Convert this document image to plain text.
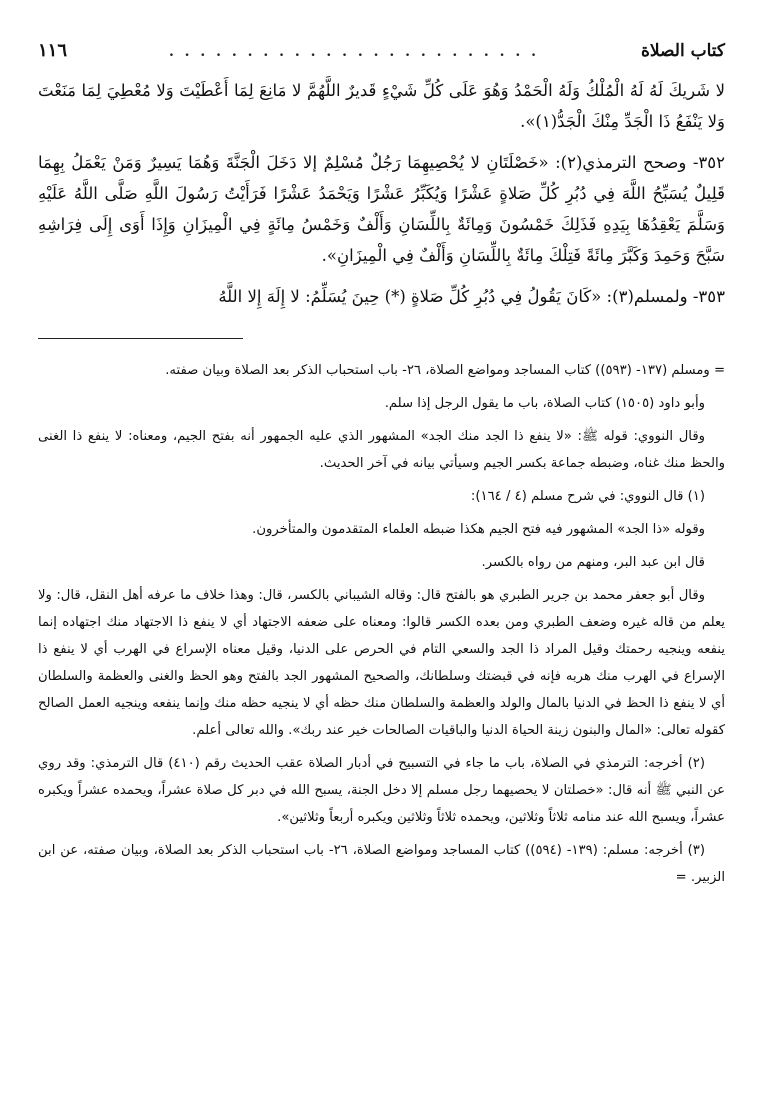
كتاب الصلاة
. . . . . . . . . . . . . . . . . . . . . . . .
١١٦

لا شَريكَ لَهُ لَهُ الْمُلْكُ وَلَهُ الْحَمْدُ وَهُوَ عَلَى كُلِّ شَيْءٍ قَديرٌ اللَّهُمَّ لا مَانِعَ لِمَا أَعْطَيْتَ وَلا مُعْطِيَ لِمَا مَنَعْتَ وَلا يَنْفَعُ ذَا الْجَدِّ مِنْكَ الْجَدُّ(١)».

٣٥٢- وصحح الترمذي(٢): «خَصْلَتَانِ لا يُحْصِيهِمَا رَجُلٌ مُسْلِمٌ إلا دَخَلَ الْجَنَّةَ وَهُمَا يَسِيرٌ وَمَنْ يَعْمَلُ بِهِمَا قَلِيلٌ يُسَبِّحُ اللَّهَ فِي دُبُرِ كُلِّ صَلاةٍ عَشْرًا وَيُكَبِّرُ عَشْرًا وَيَحْمَدُ عَشْرًا فَرَأَيْتُ رَسُولَ اللَّهِ صَلَّى اللَّهُ عَلَيْهِ وَسَلَّمَ يَعْقِدُهَا بِيَدِهِ فَذَلِكَ خَمْسُونَ وَمِائَةٌ بِاللِّسَانِ وَأَلْفٌ وَخَمْسُ مِائَةٍ فِي الْمِيزَانِ وَإِذَا أَوَى إِلَى فِرَاشِهِ سَبَّحَ وَحَمِدَ وَكَبَّرَ مِائَةً فَتِلْكَ مِائَةٌ بِاللِّسَانِ وَأَلْفٌ فِي الْمِيزَانِ».

٣٥٣- ولمسلم(٣): «كَانَ يَقُولُ فِي دُبُرِ كُلِّ صَلاةٍ (*) حِينَ يُسَلِّمُ: لا إِلَهَ إِلا اللَّهُ

= ومسلم (١٣٧- (٥٩٣)) كتاب المساجد ومواضع الصلاة، ٢٦- باب استحباب الذكر بعد الصلاة وبيان صفته.

وأبو داود (١٥٠٥) كتاب الصلاة، باب ما يقول الرجل إذا سلم.

وقال النووي: قوله ﷺ: «لا ينفع ذا الجد منك الجد» المشهور الذي عليه الجمهور أنه بفتح الجيم، ومعناه: لا ينفع ذا الغنى والحظ منك غناه، وضبطه جماعة بكسر الجيم وسيأتي بيانه في آخر الحديث.

(١) قال النووي: في شرح مسلم (٤ / ١٦٤):

وقوله «ذا الجد» المشهور فيه فتح الجيم هكذا ضبطه العلماء المتقدمون والمتأخرون.

قال ابن عبد البر، ومنهم من رواه بالكسر.

وقال أبو جعفر محمد بن جرير الطبري هو بالفتح قال: وقاله الشيباني بالكسر، قال: وهذا خلاف ما عرفه أهل النقل، قال: ولا يعلم من قاله غيره وضعف الطبري ومن بعده الكسر قالوا: ومعناه على ضعفه الاجتهاد أي لا ينفع ذا الاجتهاد منك اجتهاده إنما ينفعه وينجيه رحمتك وقيل المراد ذا الجد والسعي التام في الحرص على الدنيا، وقيل معناه الإسراع في الهرب أي لا ينفع ذا الإسراع في الهرب منك هربه فإنه في قبضتك وسلطانك، والصحيح المشهور الجد بالفتح وهو الحظ والغنى والعظمة والسلطان أي لا ينفع ذا الحظ في الدنيا بالمال والولد والعظمة والسلطان منك حظه أي لا ينجيه حظه منك وإنما ينفعه وينجيه العمل الصالح كقوله تعالى: «المال والبنون زينة الحياة الدنيا والباقيات الصالحات خير عند ربك». والله تعالى أعلم.

(٢) أخرجه: الترمذي في الصلاة، باب ما جاء في التسبيح في أدبار الصلاة عقب الحديث رقم (٤١٠) قال الترمذي: وقد روي عن النبي ﷺ أنه قال: «خصلتان لا يحصيهما رجل مسلم إلا دخل الجنة، يسبح الله في دبر كل صلاة عشراً، ويحمده عشراً ويكبره عشراً، ويسبح الله عند منامه ثلاثاً وثلاثين، ويحمده ثلاثاً وثلاثين ويكبره أربعاً وثلاثين».

(٣) أخرجه: مسلم: (١٣٩- (٥٩٤)) كتاب المساجد ومواضع الصلاة، ٢٦- باب استحباب الذكر بعد الصلاة، وبيان صفته، عن ابن الزبير. =
